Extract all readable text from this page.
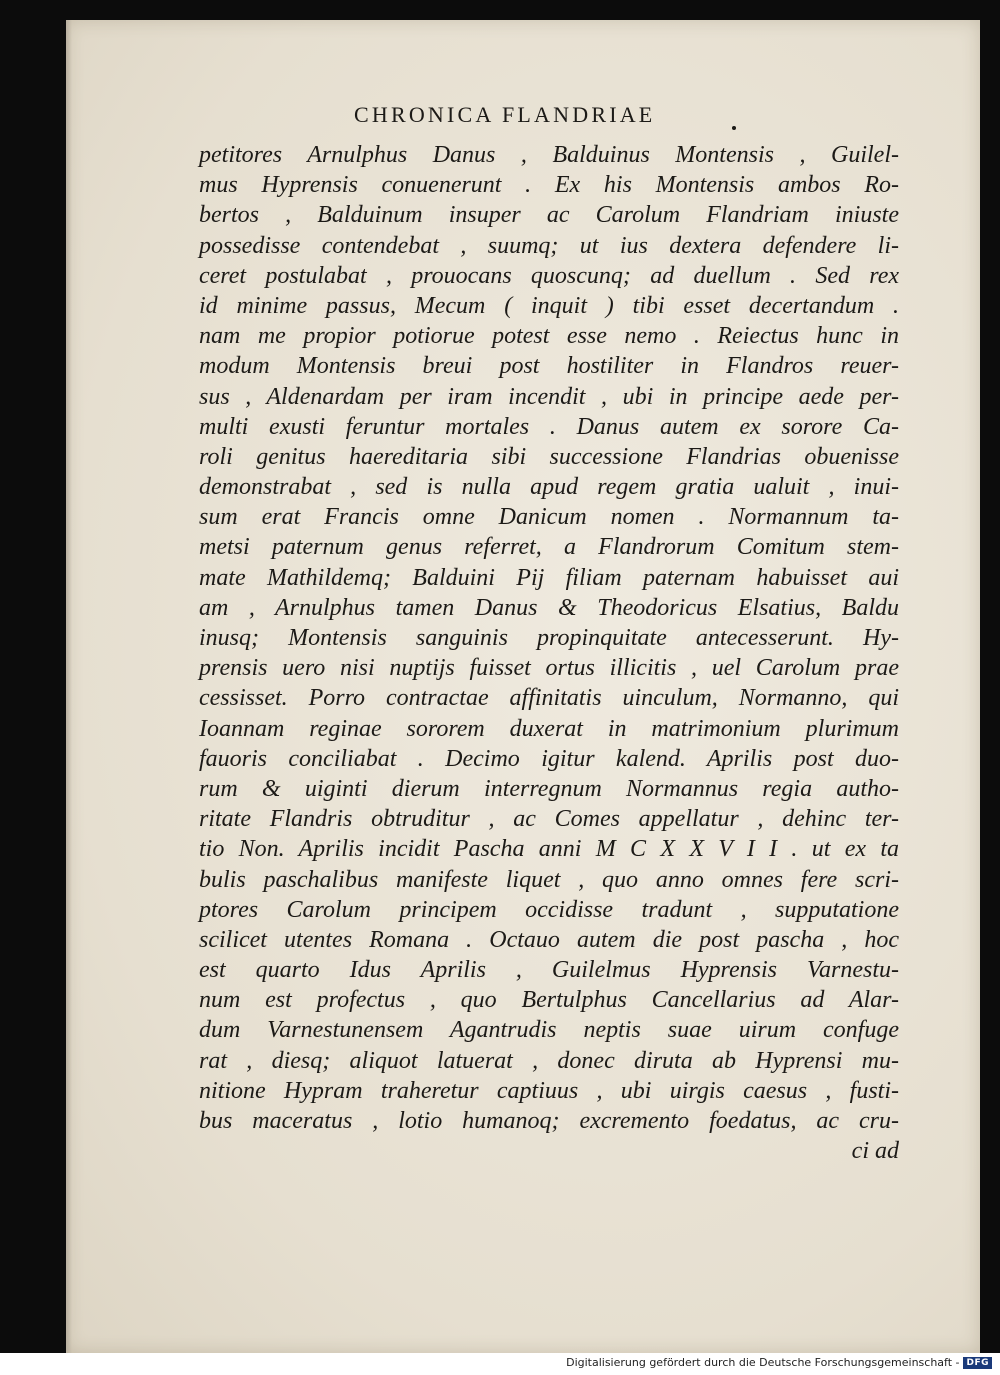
CHRONICA FLANDRIAE
petitores Arnulphus Danus , Balduinus Montensis , Guilel-
mus Hyprensis conuenerunt . Ex his Montensis ambos Ro-
bertos , Balduinum insuper ac Carolum Flandriam iniuste
possedisse contendebat , suumq; ut ius dextera defendere li-
ceret postulabat , prouocans quoscunq; ad duellum . Sed rex
id minime passus, Mecum ( inquit ) tibi esset decertandum .
nam me propior potiorue potest esse nemo . Reiectus hunc in
modum Montensis breui post hostiliter in Flandros reuer-
sus , Aldenardam per iram incendit , ubi in principe aede per-
multi exusti feruntur mortales . Danus autem ex sorore Ca-
roli genitus haereditaria sibi successione Flandrias obuenisse
demonstrabat , sed is nulla apud regem gratia ualuit , inui-
sum erat Francis omne Danicum nomen . Normannum ta-
metsi paternum genus referret, a Flandrorum Comitum stem-
mate Mathildemq; Balduini Pij filiam paternam habuisset aui
am , Arnulphus tamen Danus & Theodoricus Elsatius, Baldu
inusq; Montensis sanguinis propinquitate antecesserunt. Hy-
prensis uero nisi nuptijs fuisset ortus illicitis , uel Carolum prae
cessisset. Porro contractae affinitatis uinculum, Normanno, qui
Ioannam reginae sororem duxerat in matrimonium plurimum
fauoris conciliabat . Decimo igitur kalend. Aprilis post duo-
rum & uiginti dierum interregnum Normannus regia autho-
ritate Flandris obtruditur , ac Comes appellatur , dehinc ter-
tio Non. Aprilis incidit Pascha anni M C X X V I I . ut ex ta
bulis paschalibus manifeste liquet , quo anno omnes fere scri-
ptores Carolum principem occidisse tradunt , supputatione
scilicet utentes Romana . Octauo autem die post pascha , hoc
est quarto Idus Aprilis , Guilelmus Hyprensis Varnestu-
num est profectus , quo Bertulphus Cancellarius ad Alar-
dum Varnestunensem Agantrudis neptis suae uirum confuge
rat , diesq; aliquot latuerat , donec diruta ab Hyprensi mu-
nitione Hypram traheretur captiuus , ubi uirgis caesus , fusti-
bus maceratus , lotio humanoq; excremento foedatus, ac cru-
ci ad
Digitalisierung gefördert durch die Deutsche Forschungsgemeinschaft - DFG
